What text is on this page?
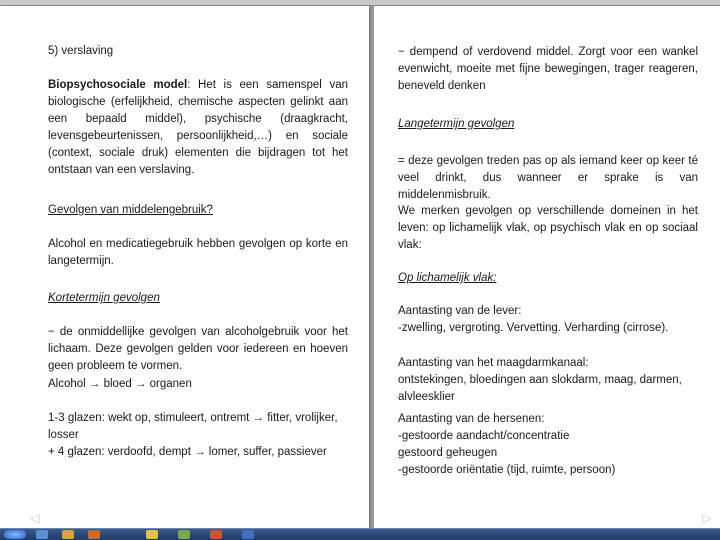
5) verslaving
Biopsychosociale model: Het is een samenspel van biologische (erfelijkheid, chemische aspecten gelinkt aan een bepaald middel), psychische (draagkracht, levensgebeurtenissen, persoonlijkheid,…) en sociale (context, sociale druk) elementen die bijdragen tot het ontstaan van een verslaving.
Gevolgen van middelengebruik?
Alcohol en medicatiegebruik hebben gevolgen op korte en langetermijn.
Kortetermijn gevolgen
− de onmiddellijke gevolgen van alcoholgebruik voor het lichaam. Deze gevolgen gelden voor iedereen en hoeven geen probleem te vormen.
Alcohol → bloed → organen
1-3 glazen: wekt op, stimuleert, ontremt → fitter, vrolijker, losser
+ 4 glazen: verdoofd, dempt → lomer, suffer, passiever
◁
− dempend of verdovend middel. Zorgt voor een wankel evenwicht, moeite met fijne bewegingen, trager reageren, beneveld denken
Langetermijn gevolgen
= deze gevolgen treden pas op als iemand keer op keer té veel drinkt, dus wanneer er sprake is van middelenmisbruik.
We merken gevolgen op verschillende domeinen in het leven: op lichamelijk vlak, op psychisch vlak en op sociaal vlak:
Op lichamelijk vlak:
Aantasting van de lever:
-zwelling, vergroting. Vervetting. Verharding (cirrose).
Aantasting van het maagdarmkanaal:
ontstekingen, bloedingen aan slokdarm, maag, darmen, alvleesklier
Aantasting van de hersenen:
-gestoorde aandacht/concentratie
gestoord geheugen
-gestoorde oriëntatie (tijd, ruimte, persoon)
▷
